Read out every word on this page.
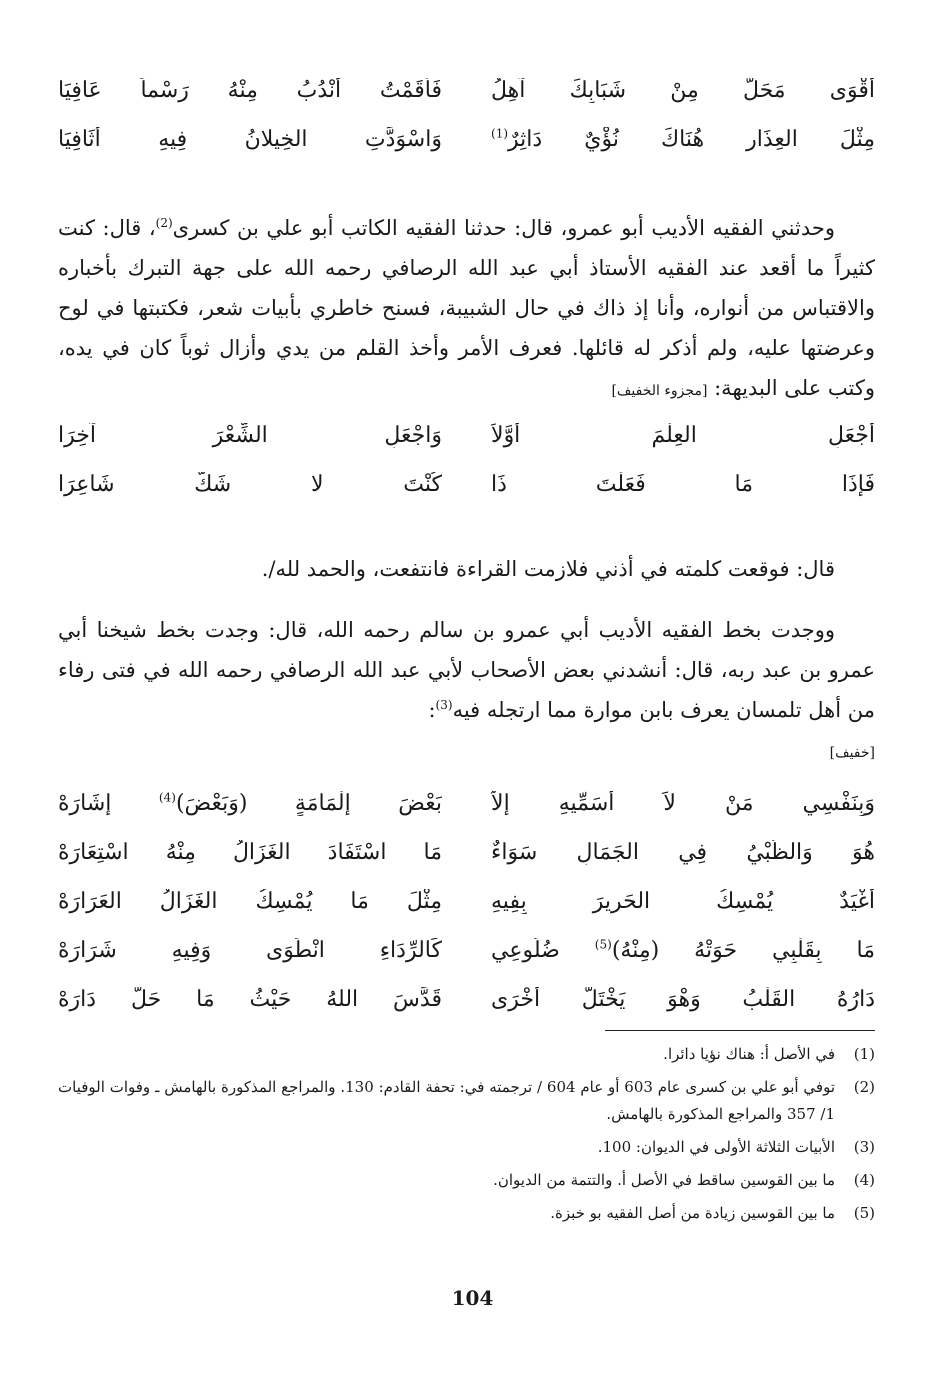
أَقْوَى مَحَلُّ مِنْ شَبَابِكَ آهِلُ
فَأَقَمْتُ أَنْدُبُ مِنْهُ رَسْماً عَافِيَا
مِثْلَ العِذَارِ هُنَاكَ نُؤْيٌ دَاثِرٌ$^{(1)}$
وَاسْوَدَّتِ الخِيلانُ فِيهِ أَثَافِيَا

وحدثني الفقيه الأديب أبو عمرو، قال: حدثنا الفقيه الكاتب أبو علي بن كسرى$^{(2)}$، قال: كنت كثيراً ما أقعد عند الفقيه الأستاذ أبي عبد الله الرصافي رحمه الله على جهة التبرك بأخباره والاقتباس من أنواره، وأنا إذ ذاك في حال الشبيبة، فسنح خاطري بأبيات شعر، فكتبتها في لوح وعرضتها عليه، ولم أذكر له قائلها. فعرف الأمر وأخذ القلم من يدي وأزال ثوباً كان في يده، وكتب على البديهة: [مجزوء الخفيف]

أَجْعَلِ العِلْمَ أَوَّلاً
وَاجْعَلِ الشِّعْرَ آخِرَا
فَإِذَا مَا فَعَلْتَ ذَا
كُنْتَ لا شَكَّ شَاعِرَا

قال: فوقعت كلمته في أذني فلازمت القراءة فانتفعت، والحمد لله/.

ووجدت بخط الفقيه الأديب أبي عمرو بن سالم رحمه الله، قال: وجدت بخط شيخنا أبي عمرو بن عبد ربه، قال: أنشدني بعض الأصحاب لأبي عبد الله الرصافي رحمه الله في فتى رفاء من أهل تلمسان يعرف بابن موارة مما ارتجله فيه$^{(3)}$:
[خفيف]

وَبِنَفْسِي مَنْ لاَ أُسَمِّيهِ إِلاَّ
بَعْضَ إِلْمَامَةٍ (وَبَعْضَ)$^{(4)}$ إِشَارَهْ
هُوَ وَالظَّبْيُ فِي الجَمَالِ سَوَاءٌ
مَا اسْتَفَادَ الغَزَالُ مِنْهُ اسْتِعَارَهْ
أَغْيَدٌ يُمْسِكُ الحَرِيرَ بِفِيهِ
مِثْلَ مَا يُمْسِكُ الغَزَالُ العَرَارَهْ
مَا بِقَلْبِي حَوَتْهُ (مِنْهُ)$^{(5)}$ ضُلُوعِي
كَالرِّدَاءِ انْطَوَى وَفِيهِ شَرَارَهْ
دَارُهُ القَلْبُ وَهْوَ يَخْتَلُّ أُخْرَى
قَدَّسَ اللهُ حَيْثُ مَا حَلَّ دَارَهْ
(1)
في الأصل أ: هناك نؤيا دائرا.
(2)
توفي أبو علي بن كسرى عام 603 أو عام 604 / ترجمته في: تحفة القادم: 130. والمراجع المذكورة بالهامش ـ وفوات الوفيات 1/ 357 والمراجع المذكورة بالهامش.
(3)
الأبيات الثلاثة الأولى في الديوان: 100.
(4)
ما بين القوسين ساقط في الأصل أ. والتتمة من الديوان.
(5)
ما بين القوسين زيادة من أصل الفقيه بو خبزة.
104
